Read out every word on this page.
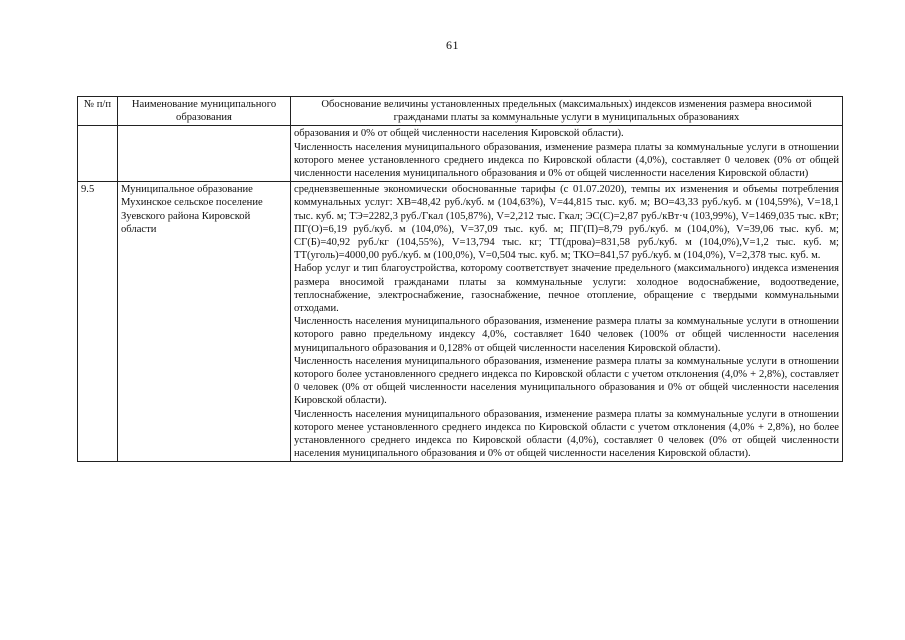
61
№ п/п	Наименование муниципального образования	Обоснование величины установленных предельных (максимальных) индексов изменения размера вносимой гражданами платы за коммунальные услуги в муниципальных образованиях

		образования и 0% от общей численности населения Кировской области).

Численность населения муниципального образования, изменение размера платы за коммунальные услуги в отношении которого менее установленного среднего индекса по Кировской области (4,0%), составляет 0 человек (0% от общей численности населения муниципального образования и 0% от общей численности населения Кировской области)

9.5	Муниципальное образование Мухинское сельское поселение Зуевского района Кировской области	средневзвешенные экономически обоснованные тарифы (с 01.07.2020), темпы их изменения и объемы потребления коммунальных услуг: ХВ=48,42 руб./куб. м (104,63%), V=44,815 тыс. куб. м; ВО=43,33 руб./куб. м (104,59%), V=18,1 тыс. куб. м; ТЭ=2282,3 руб./Гкал (105,87%), V=2,212 тыс. Гкал; ЭС(С)=2,87 руб./кВт·ч (103,99%), V=1469,035 тыс. кВт; ПГ(О)=6,19 руб./куб. м (104,0%), V=37,09 тыс. куб. м; ПГ(П)=8,79 руб./куб. м (104,0%), V=39,06 тыс. куб. м; СГ(Б)=40,92 руб./кг (104,55%), V=13,794 тыс. кг; ТТ(дрова)=831,58 руб./куб. м (104,0%),V=1,2 тыс. куб. м; ТТ(уголь)=4000,00 руб./куб. м (100,0%), V=0,504 тыс. куб. м; ТКО=841,57 руб./куб. м (104,0%), V=2,378 тыс. куб. м.

Набор услуг и тип благоустройства, которому соответствует значение предельного (максимального) индекса изменения размера вносимой гражданами платы за коммунальные услуги: холодное водоснабжение, водоотведение, теплоснабжение, электроснабжение, газоснабжение, печное отопление, обращение с твердыми коммунальными отходами.

Численность населения муниципального образования, изменение размера платы за коммунальные услуги в отношении которого равно предельному индексу 4,0%, составляет 1640 человек (100% от общей численности населения муниципального образования и 0,128% от общей численности населения Кировской области).

Численность населения муниципального образования, изменение размера платы за коммунальные услуги в отношении которого более установленного среднего индекса по Кировской области с учетом отклонения (4,0% + 2,8%), составляет 0 человек (0% от общей численности населения муниципального образования и 0% от общей численности населения Кировской области).

Численность населения муниципального образования, изменение размера платы за коммунальные услуги в отношении которого менее установленного среднего индекса по Кировской области с учетом отклонения (4,0% + 2,8%), но более установленного среднего индекса по Кировской области (4,0%), составляет 0 человек (0% от общей численности населения муниципального образования и 0% от общей численности населения Кировской области).
